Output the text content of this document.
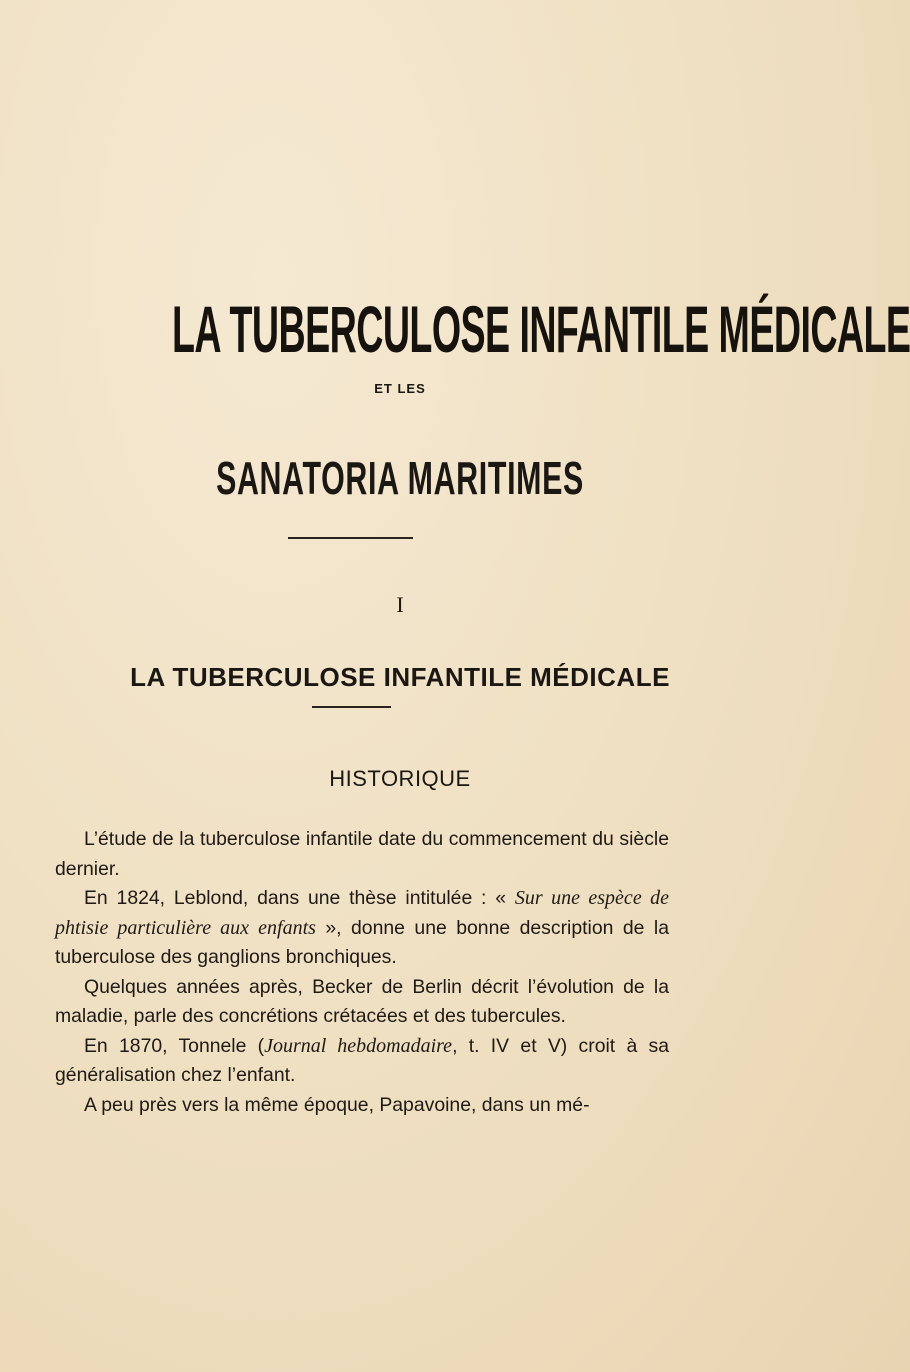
LA TUBERCULOSE INFANTILE MÉDICALE
ET LES
SANATORIA MARITIMES
I
LA TUBERCULOSE INFANTILE MÉDICALE
HISTORIQUE

L’étude de la tuberculose infantile date du commencement du siècle dernier.

En 1824, Leblond, dans une thèse intitulée : « Sur une espèce de phtisie particulière aux enfants », donne une bonne description de la tuberculose des ganglions bronchiques.

Quelques années après, Becker de Berlin décrit l’évolution de la maladie, parle des concrétions crétacées et des tubercules.

En 1870, Tonnele (Journal hebdomadaire, t. IV et V) croit à sa généralisation chez l’enfant.

A peu près vers la même époque, Papavoine, dans un mé-
